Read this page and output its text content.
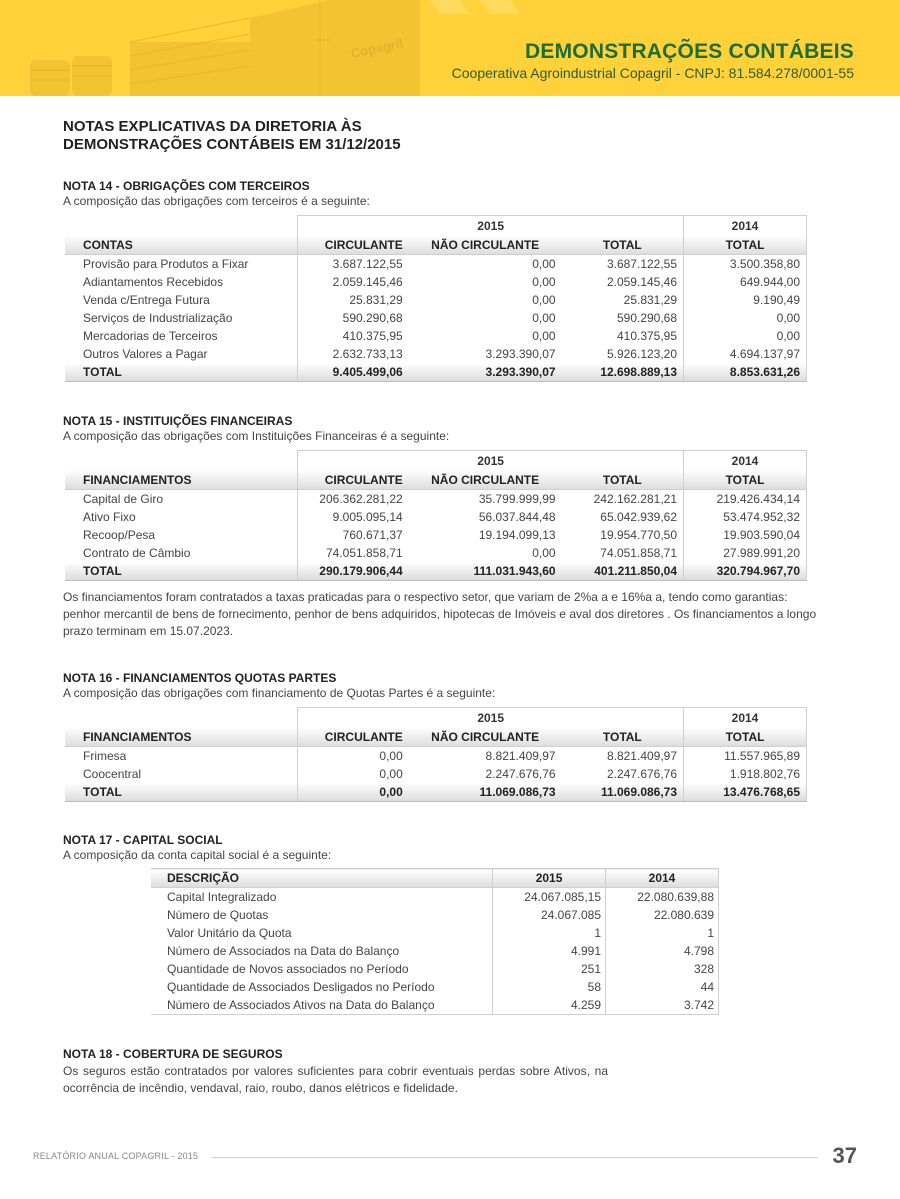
Copagril	DEMONSTRAÇÕES CONTÁBEIS
Cooperativa Agroindustrial Copagril - CNPJ: 81.584.278/0001-55

NOTAS EXPLICATIVAS DA DIRETORIA ÀS
DEMONSTRAÇÕES CONTÁBEIS EM 31/12/2015

NOTA 14 - OBRIGAÇÕES COM TERCEIROS

A composição das obrigações com terceiros é a seguinte:

	2015			2014
CONTAS	CIRCULANTE	NÃO CIRCULANTE	TOTAL	TOTAL
Provisão para Produtos a Fixar	3.687.122,55	0,00	3.687.122,55	3.500.358,80
Adiantamentos Recebidos	2.059.145,46	0,00	2.059.145,46	649.944,00
Venda c/Entrega Futura	25.831,29	0,00	25.831,29	9.190,49
Serviços de Industrialização	590.290,68	0,00	590.290,68	0,00
Mercadorias de Terceiros	410.375,95	0,00	410.375,95	0,00
Outros Valores a Pagar	2.632.733,13	3.293.390,07	5.926.123,20	4.694.137,97
TOTAL	9.405.499,06	3.293.390,07	12.698.889,13	8.853.631,26

NOTA 15 - INSTITUIÇÕES FINANCEIRAS

A composição das obrigações com Instituições Financeiras é a seguinte:

	2015			2014
FINANCIAMENTOS	CIRCULANTE	NÃO CIRCULANTE	TOTAL	TOTAL
Capital de Giro	206.362.281,22	35.799.999,99	242.162.281,21	219.426.434,14
Ativo Fixo	9.005.095,14	56.037.844,48	65.042.939,62	53.474.952,32
Recoop/Pesa	760.671,37	19.194.099,13	19.954.770,50	19.903.590,04
Contrato de Câmbio	74.051.858,71	0,00	74.051.858,71	27.989.991,20
TOTAL	290.179.906,44	111.031.943,60	401.211.850,04	320.794.967,70

Os financiamentos foram contratados a taxas praticadas para o respectivo setor, que variam de 2%a a e 16%a a, tendo como garantias:
penhor mercantil de bens de fornecimento, penhor de bens adquiridos, hipotecas de Imóveis e aval dos diretores . Os financiamentos a longo
prazo terminam em 15.07.2023.

NOTA 16 - FINANCIAMENTOS QUOTAS PARTES

A composição das obrigações com financiamento de Quotas Partes é a seguinte:

	2015			2014
FINANCIAMENTOS	CIRCULANTE	NÃO CIRCULANTE	TOTAL	TOTAL
Frimesa	0,00	8.821.409,97	8.821.409,97	11.557.965,89
Coocentral	0,00	2.247.676,76	2.247.676,76	1.918.802,76
TOTAL	0,00	11.069.086,73	11.069.086,73	13.476.768,65

NOTA 17 - CAPITAL SOCIAL

A composição da conta capital social é a seguinte:

DESCRIÇÃO	2015	2014
Capital Integralizado	24.067.085,15	22.080.639,88
Número de Quotas	24.067.085	22.080.639
Valor Unitário da Quota	1	1
Número de Associados na Data do Balanço	4.991	4.798
Quantidade de Novos associados no Período	251	328
Quantidade de Associados Desligados no Período	58	44
Número de Associados Ativos na Data do Balanço	4.259	3.742

NOTA 18 - COBERTURA DE SEGUROS

Os seguros estão contratados por valores suficientes para cobrir eventuais perdas sobre Ativos, na
ocorrência de incêndio, vendaval, raio, roubo, danos elétricos e fidelidade.

RELATÓRIO ANUAL COPAGRIL - 2015	37
